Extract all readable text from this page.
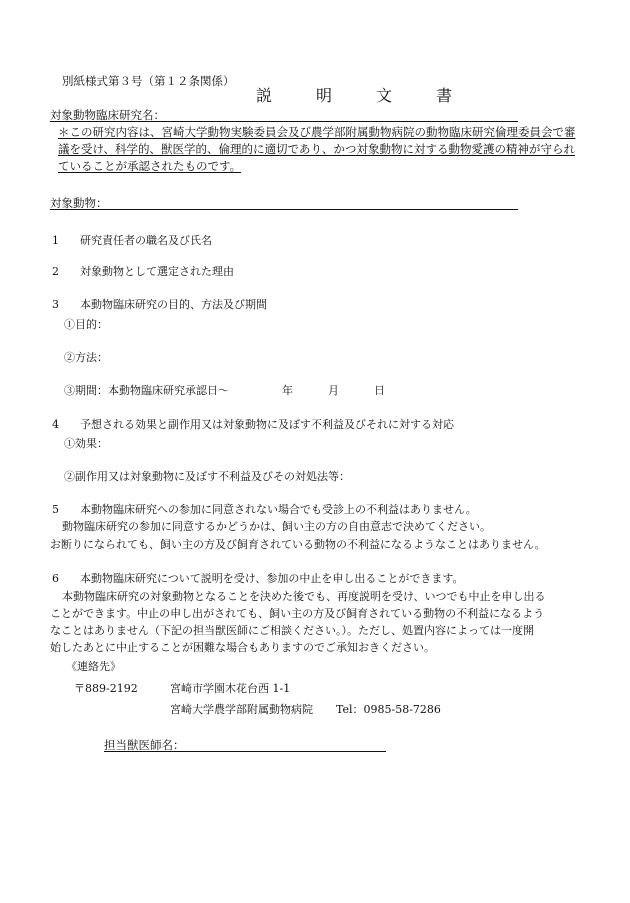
別紙様式第３号（第１２条関係）
説　明　文　書
対象動物臨床研究名：
＊この研究内容は、宮崎大学動物実験委員会及び農学部附属動物病院の動物臨床研究倫理委員会で審
議を受け、科学的、獣医学的、倫理的に適切であり、かつ対象動物に対する動物愛護の精神が守られ
ていることが承認されたものです。
対象動物：
1 研究責任者の職名及び氏名
2 対象動物として選定された理由
3 本動物臨床研究の目的、方法及び期間
①目的：
②方法：
③期間：本動物臨床研究承認日～	年	月	日
4 予想される効果と副作用又は対象動物に及ぼす不利益及びそれに対する対応
①効果：
②副作用又は対象動物に及ぼす不利益及びその対処法等：
5 本動物臨床研究への参加に同意されない場合でも受診上の不利益はありません。
動物臨床研究の参加に同意するかどうかは、飼い主の方の自由意志で決めてください。
お断りになられても、飼い主の方及び飼育されている動物の不利益になるようなことはありません。
6 本動物臨床研究について説明を受け、参加の中止を申し出ることができます。
本動物臨床研究の対象動物となることを決めた後でも、再度説明を受け、いつでも中止を申し出る
ことができます。中止の申し出がされても、飼い主の方及び飼育されている動物の不利益になるよう
なことはありません（下記の担当獣医師にご相談ください。）。ただし、処置内容によっては一度開
始したあとに中止することが困難な場合もありますのでご承知おきください。
《連絡先》
〒889-2192	宮崎市学園木花台西 1-1
宮崎大学農学部附属動物病院 Tel：0985-58-7286
担当獣医師名：
